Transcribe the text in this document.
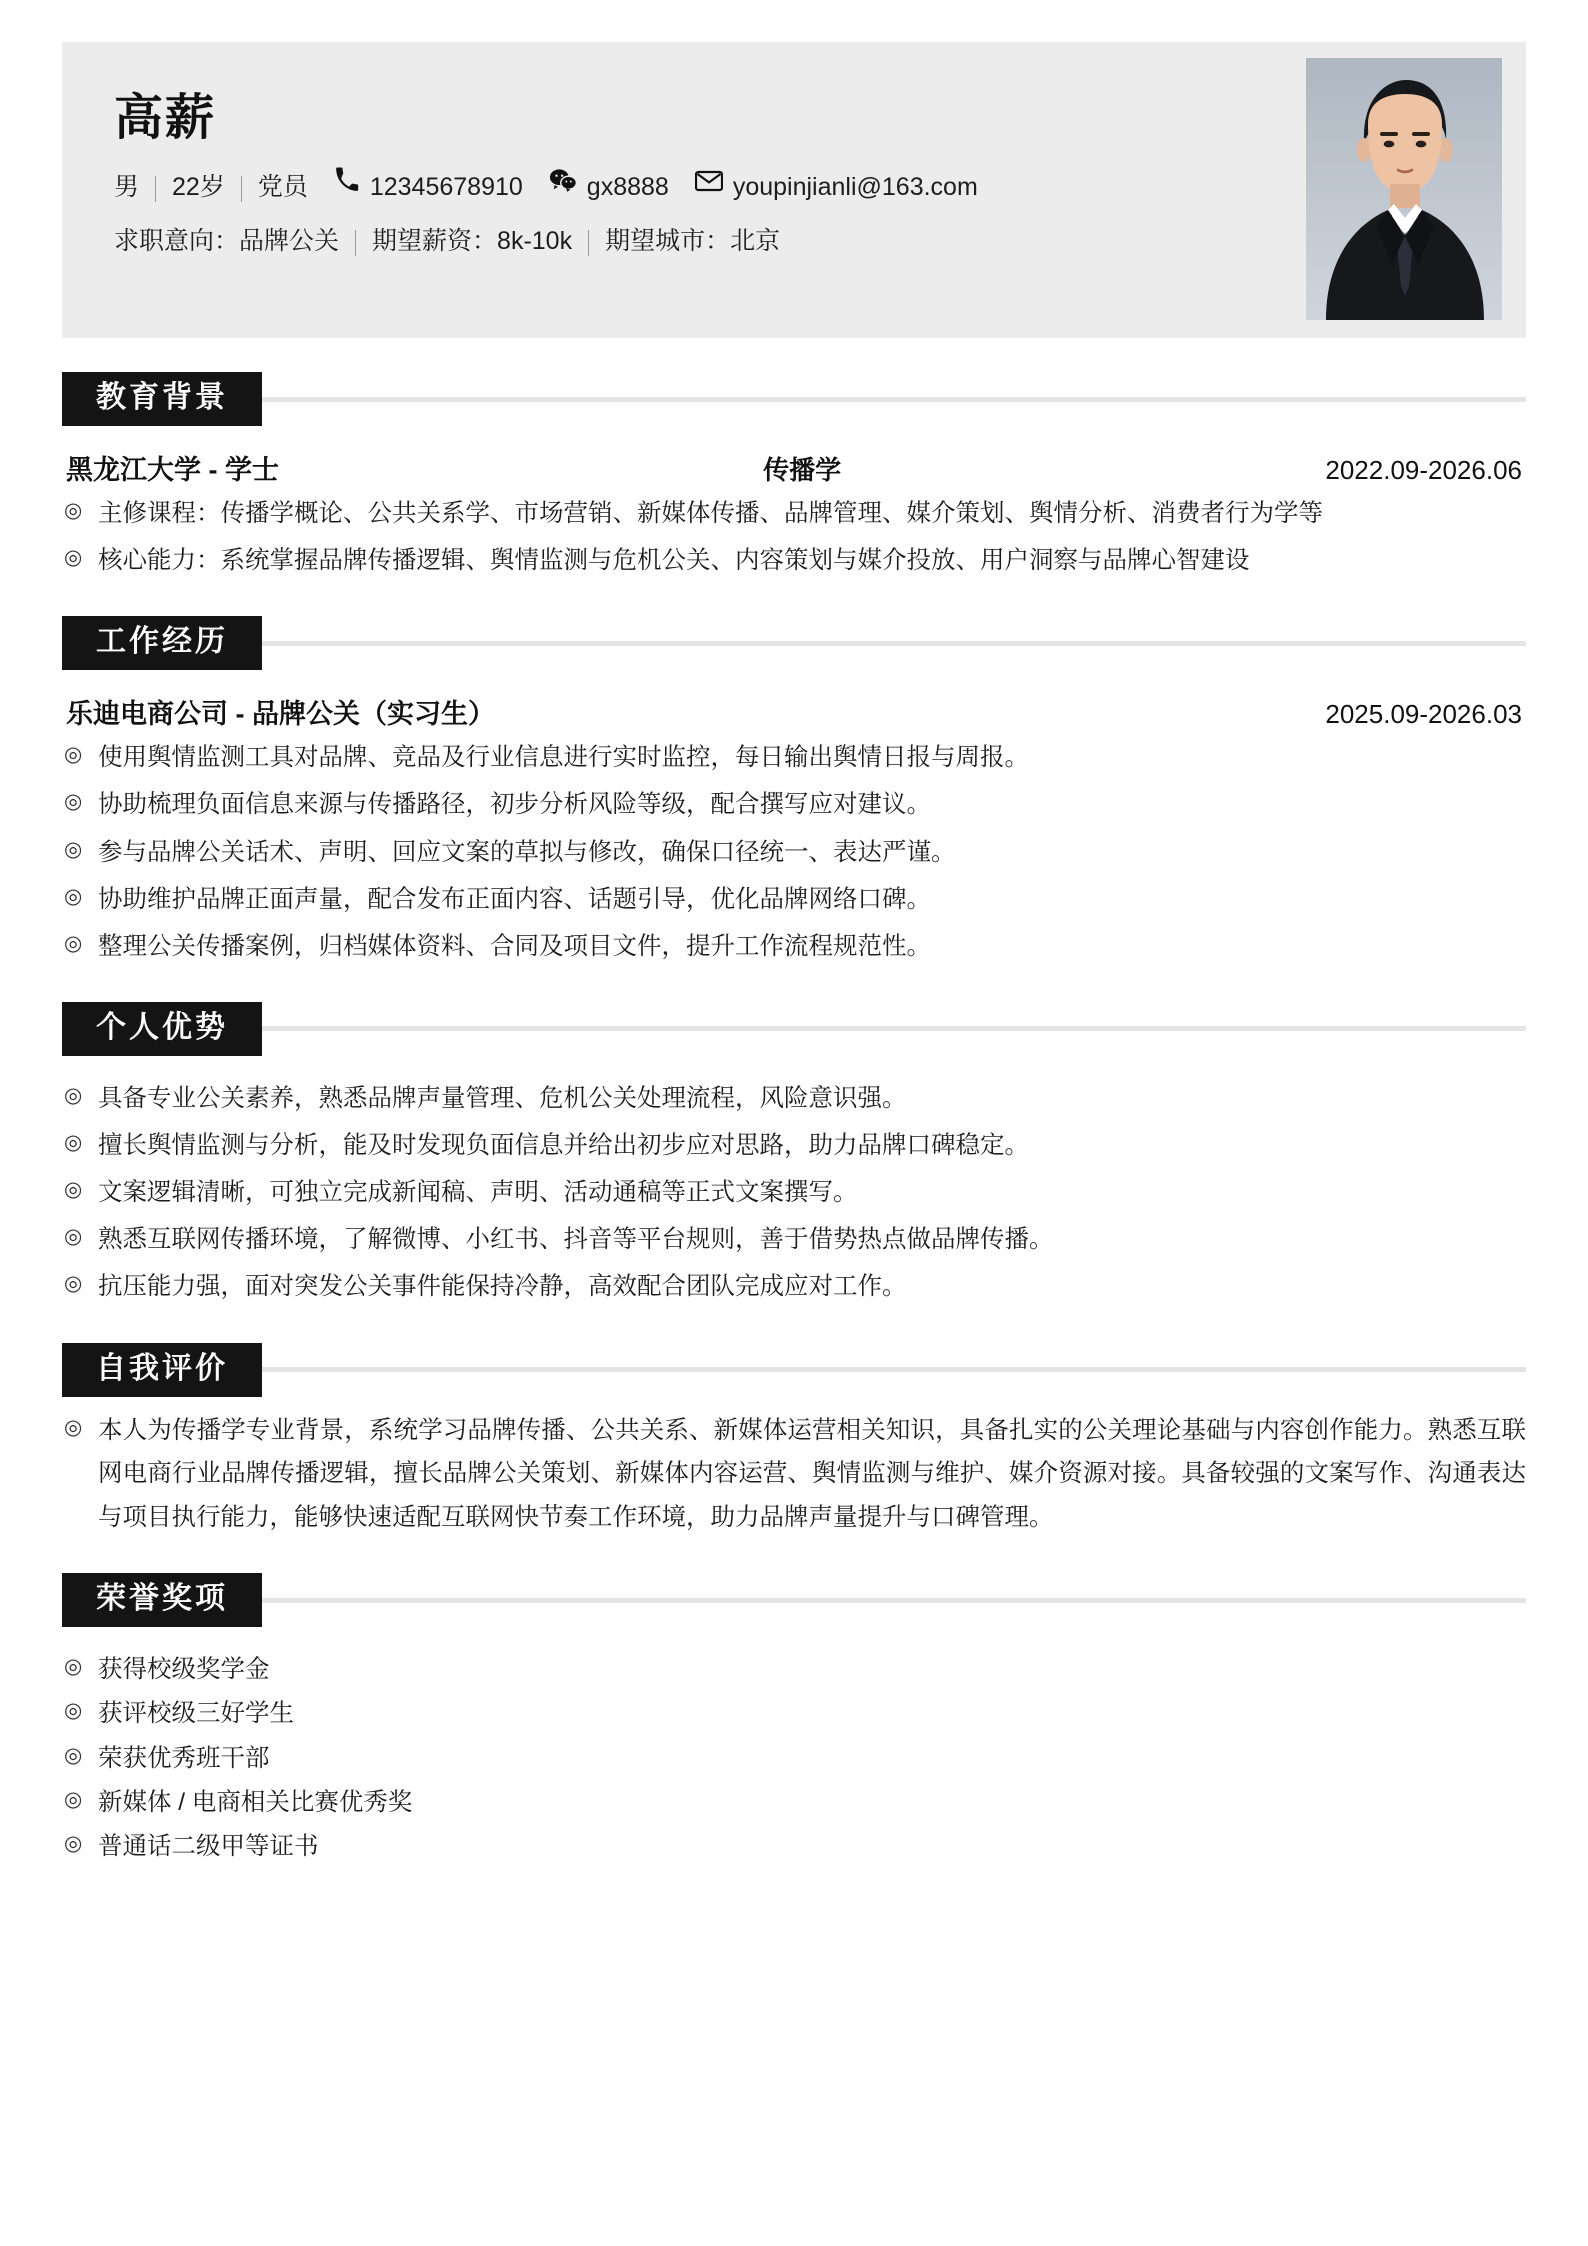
高薪
男 22岁 党员 12345678910	gx8888	youpinjianli@163.com
求职意向： 品牌公关 期望薪资： 8k-10k 期望城市： 北京
教育背景
黑龙江大学 - 学士	传播学	2022.09-2026.06
◎ 主修课程：传播学概论、公共关系学、市场营销、新媒体传播、品牌管理、媒介策划、舆情分析、消费者行为学等
◎ 核心能力：系统掌握品牌传播逻辑、舆情监测与危机公关、内容策划与媒介投放、用户洞察与品牌心智建设
工作经历
乐迪电商公司 - 品牌公关（实习生）	2025.09-2026.03
◎ 使用舆情监测工具对品牌、竞品及行业信息进行实时监控，每日输出舆情日报与周报。
◎ 协助梳理负面信息来源与传播路径，初步分析风险等级，配合撰写应对建议。
◎ 参与品牌公关话术、声明、回应文案的草拟与修改，确保口径统一、表达严谨。
◎ 协助维护品牌正面声量，配合发布正面内容、话题引导，优化品牌网络口碑。
◎ 整理公关传播案例，归档媒体资料、合同及项目文件，提升工作流程规范性。
个人优势
◎ 具备专业公关素养，熟悉品牌声量管理、危机公关处理流程，风险意识强。
◎ 擅长舆情监测与分析，能及时发现负面信息并给出初步应对思路，助力品牌口碑稳定。
◎ 文案逻辑清晰，可独立完成新闻稿、声明、活动通稿等正式文案撰写。
◎ 熟悉互联网传播环境，了解微博、小红书、抖音等平台规则，善于借势热点做品牌传播。
◎ 抗压能力强，面对突发公关事件能保持冷静，高效配合团队完成应对工作。
自我评价
◎ 本人为传播学专业背景，系统学习品牌传播、公共关系、新媒体运营相关知识，具备扎实的公关理论基础与内容创作能力。熟悉互联网电商行业品牌传播逻辑，擅长品牌公关策划、新媒体内容运营、舆情监测与维护、媒介资源对接。具备较强的文案写作、沟通表达与项目执行能力，能够快速适配互联网快节奏工作环境，助力品牌声量提升与口碑管理。
荣誉奖项
◎ 获得校级奖学金
◎ 获评校级三好学生
◎ 荣获优秀班干部
◎ 新媒体 / 电商相关比赛优秀奖
◎ 普通话二级甲等证书
